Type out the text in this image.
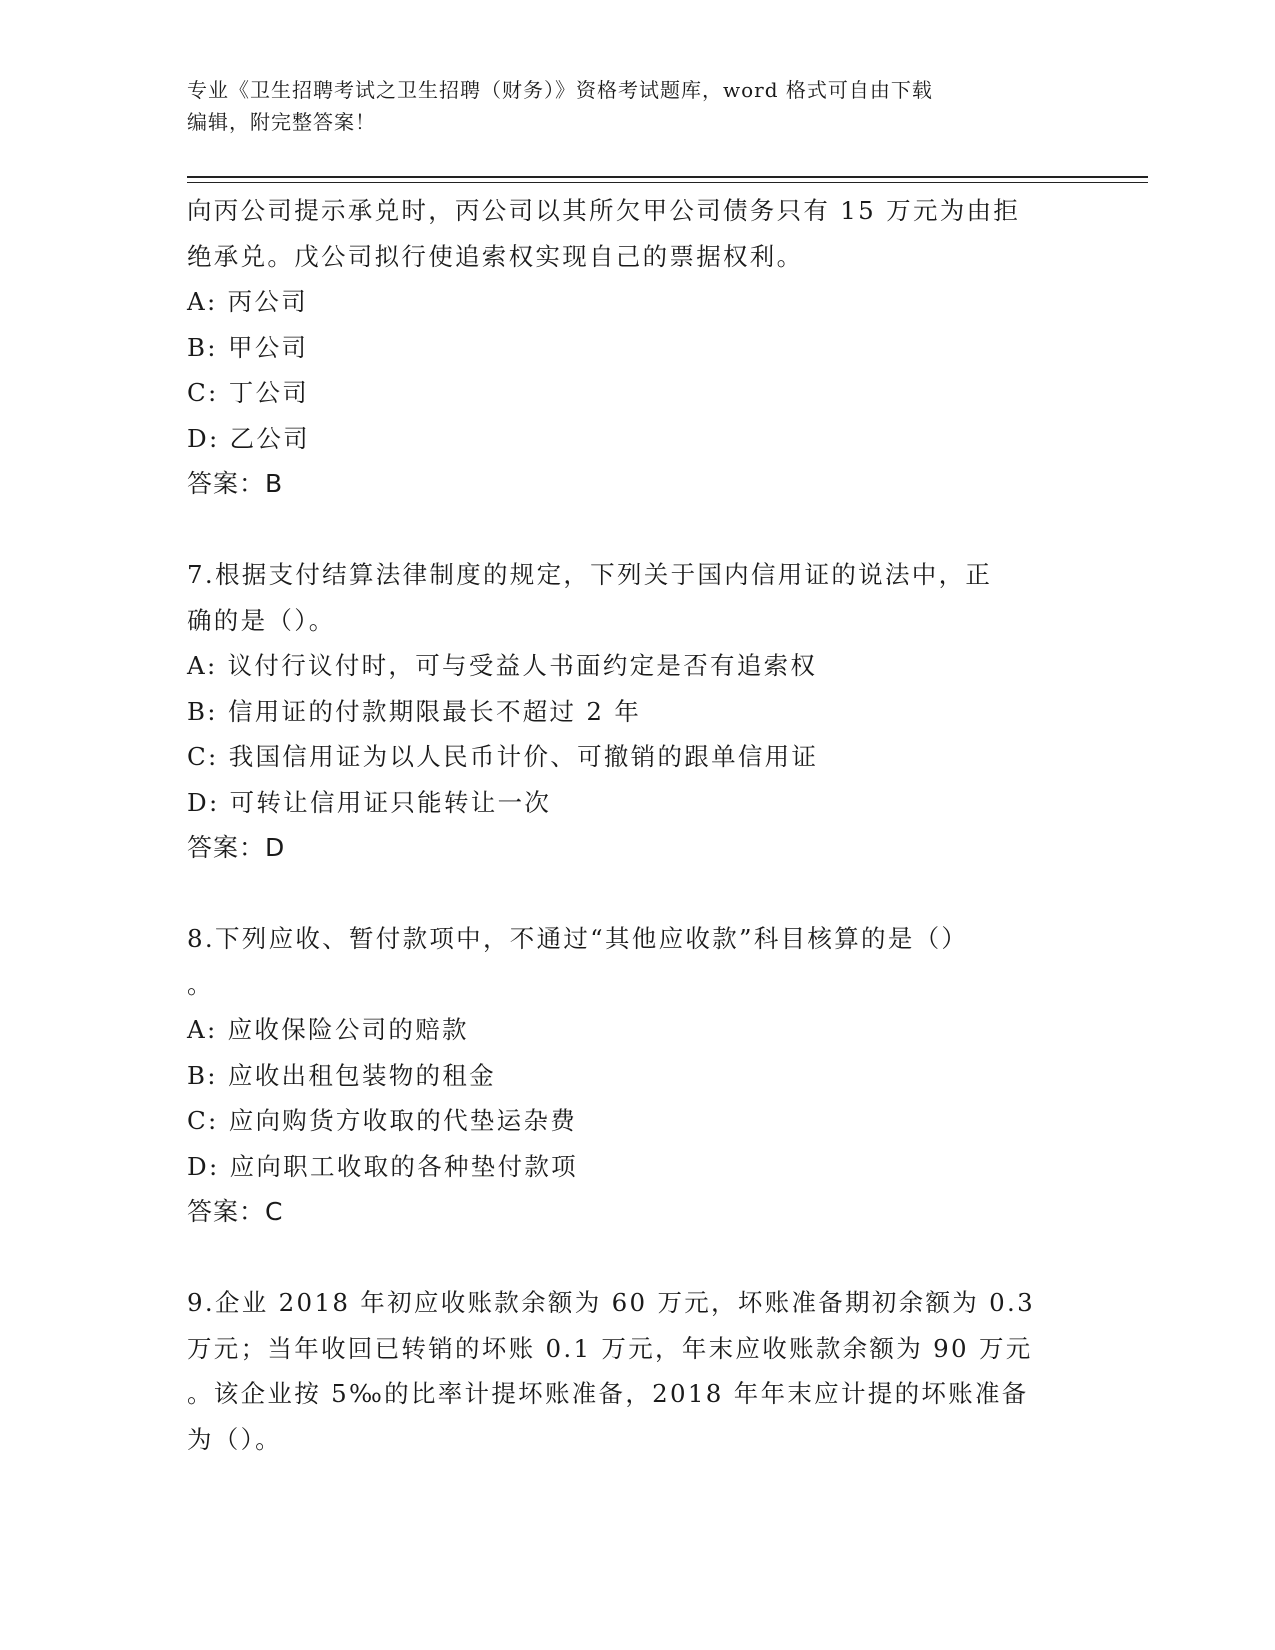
专业《卫生招聘考试之卫生招聘（财务）》资格考试题库，word 格式可自由下载
编辑，附完整答案！
向丙公司提示承兑时，丙公司以其所欠甲公司债务只有 15 万元为由拒
绝承兑。戊公司拟行使追索权实现自己的票据权利。
A: 丙公司
B: 甲公司
C: 丁公司
D: 乙公司
答案：B
7.根据支付结算法律制度的规定，下列关于国内信用证的说法中，正
确的是（）。
A: 议付行议付时，可与受益人书面约定是否有追索权
B: 信用证的付款期限最长不超过 2 年
C: 我国信用证为以人民币计价、可撤销的跟单信用证
D: 可转让信用证只能转让一次
答案：D
8.下列应收、暂付款项中，不通过“其他应收款”科目核算的是（）
。
A: 应收保险公司的赔款
B: 应收出租包装物的租金
C: 应向购货方收取的代垫运杂费
D: 应向职工收取的各种垫付款项
答案：C
9.企业 2018 年初应收账款余额为 60 万元，坏账准备期初余额为 0.3
万元；当年收回已转销的坏账 0.1 万元，年末应收账款余额为 90 万元
。该企业按 5‰的比率计提坏账准备，2018 年年末应计提的坏账准备
为（）。
